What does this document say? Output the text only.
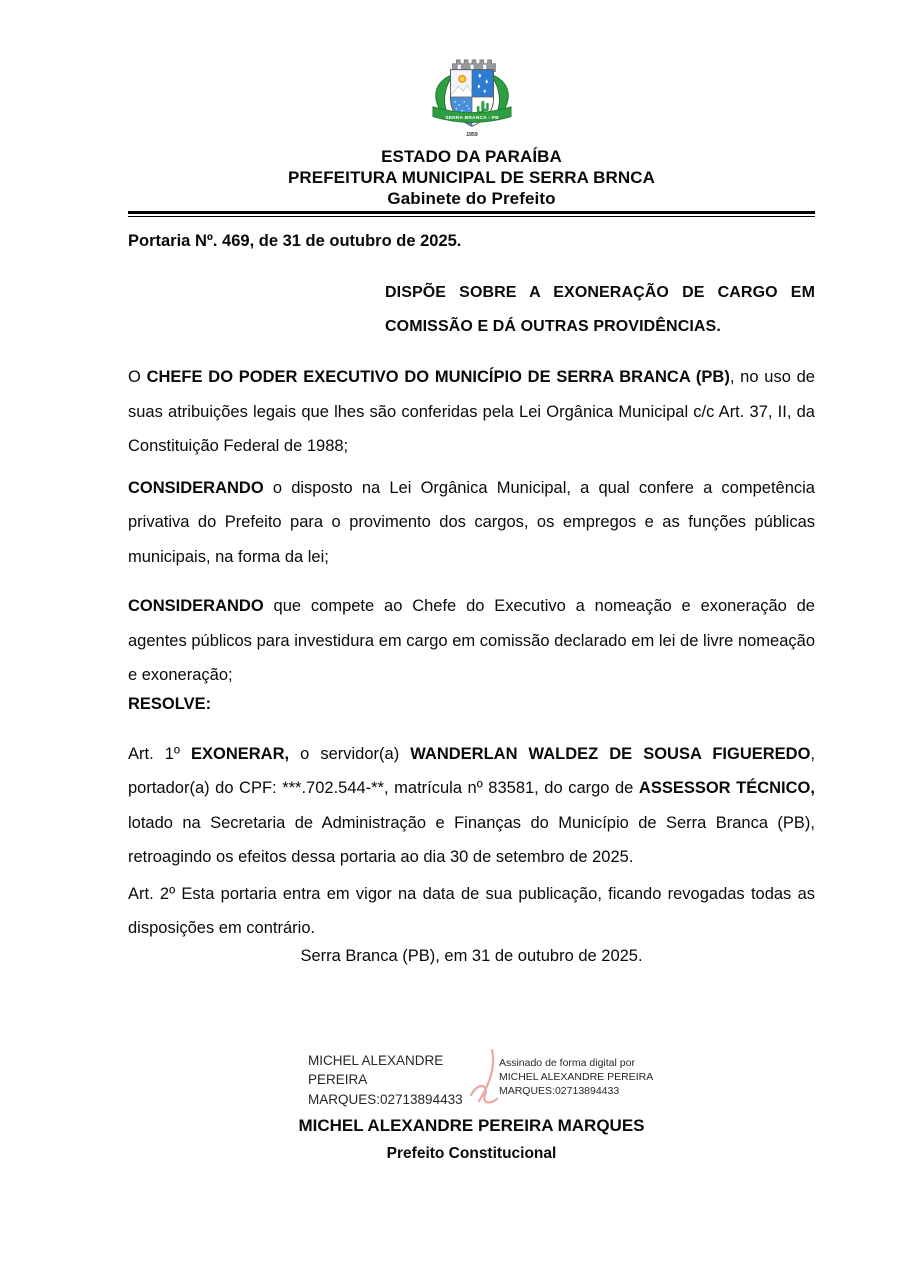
SERRA BRANCA - PB
1959
ESTADO DA PARAÍBA
PREFEITURA MUNICIPAL DE SERRA BRNCA
Gabinete do Prefeito

Portaria Nº. 469, de 31 de outubro de 2025.

DISPÕE SOBRE A EXONERAÇÃO DE CARGO EM COMISSÃO E DÁ OUTRAS PROVIDÊNCIAS.

O CHEFE DO PODER EXECUTIVO DO MUNICÍPIO DE SERRA BRANCA (PB), no uso de suas atribuições legais que lhes são conferidas pela Lei Orgânica Municipal c/c Art. 37, II, da Constituição Federal de 1988;

CONSIDERANDO o disposto na Lei Orgânica Municipal, a qual confere a competência privativa do Prefeito para o provimento dos cargos, os empregos e as funções públicas municipais, na forma da lei;

CONSIDERANDO que compete ao Chefe do Executivo a nomeação e exoneração de agentes públicos para investidura em cargo em comissão declarado em lei de livre nomeação e exoneração;

RESOLVE:

Art. 1º EXONERAR, o servidor(a) WANDERLAN WALDEZ DE SOUSA FIGUEREDO, portador(a) do CPF: ***.702.544-**, matrícula nº 83581, do cargo de ASSESSOR TÉCNICO, lotado na Secretaria de Administração e Finanças do Município de Serra Branca (PB), retroagindo os efeitos dessa portaria ao dia 30 de setembro de 2025.

Art. 2º Esta portaria entra em vigor na data de sua publicação, ficando revogadas todas as disposições em contrário.

Serra Branca (PB), em 31 de outubro de 2025.

MICHEL ALEXANDRE PEREIRA MARQUES:02713894433
Assinado de forma digital por MICHEL ALEXANDRE PEREIRA MARQUES:02713894433
MICHEL ALEXANDRE PEREIRA MARQUES
Prefeito Constitucional
